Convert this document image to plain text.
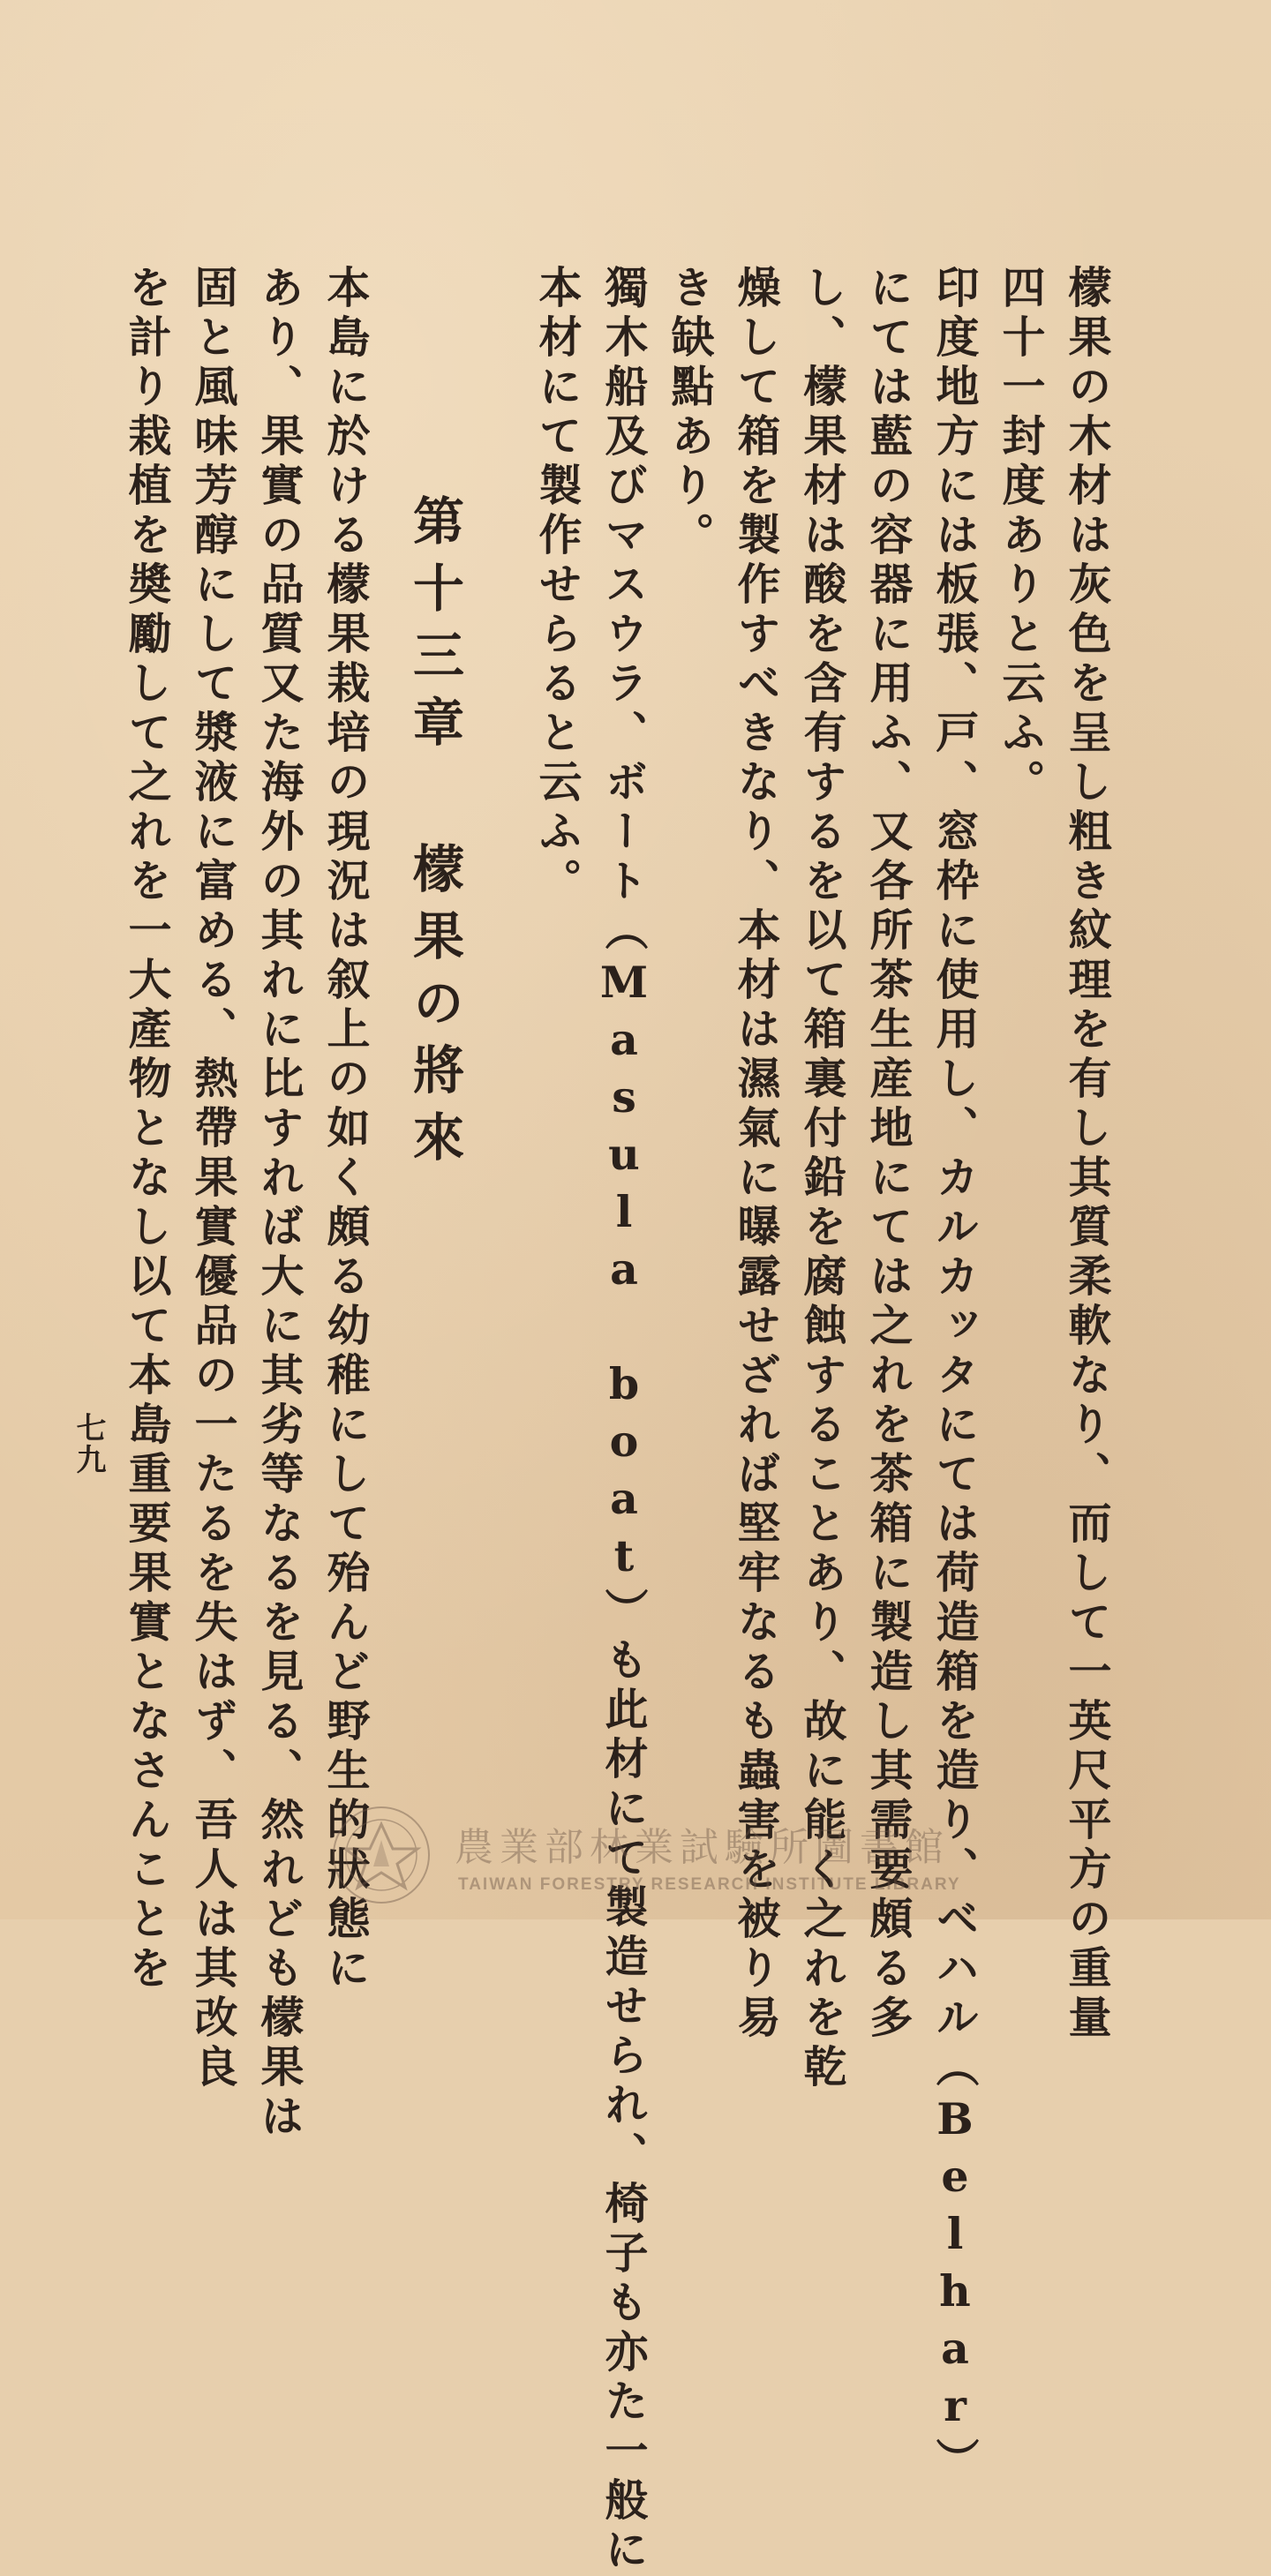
檬果の木材は灰色を呈し粗き紋理を有し其質柔軟なり、而して一英尺平方の重量
四十一封度ありと云ふ。
印度地方には板張、戸、窓枠に使用し、カルカッタにては荷造箱を造り、ベハル（Belhar）
にては藍の容器に用ふ、又各所茶生産地にては之れを茶箱に製造し其需要頗る多
し、檬果材は酸を含有するを以て箱裏付鉛を腐蝕することあり、故に能く之れを乾
燥して箱を製作すべきなり、本材は濕氣に曝露せざれば堅牢なるも蟲害を被り易
き缺點あり。
獨木船及びマスウラ、ボート（Masula boat）も此材にて製造せられ、椅子も亦た一般に
本材にて製作せらると云ふ。
第十三章檬果の將來
本島に於ける檬果栽培の現況は叙上の如く頗る幼稚にして殆んど野生的狀態に
あり、果實の品質又た海外の其れに比すれば大に其劣等なるを見る、然れども檬果は
固と風味芳醇にして漿液に富める、熱帶果實優品の一たるを失はず、吾人は其改良
を計り栽植を奬勵して之れを一大產物となし以て本島重要果實となさんことを
七九
農業部林業試驗所圖書館
TAIWAN FORESTRY RESEARCH INSTITUTE LIBRARY
